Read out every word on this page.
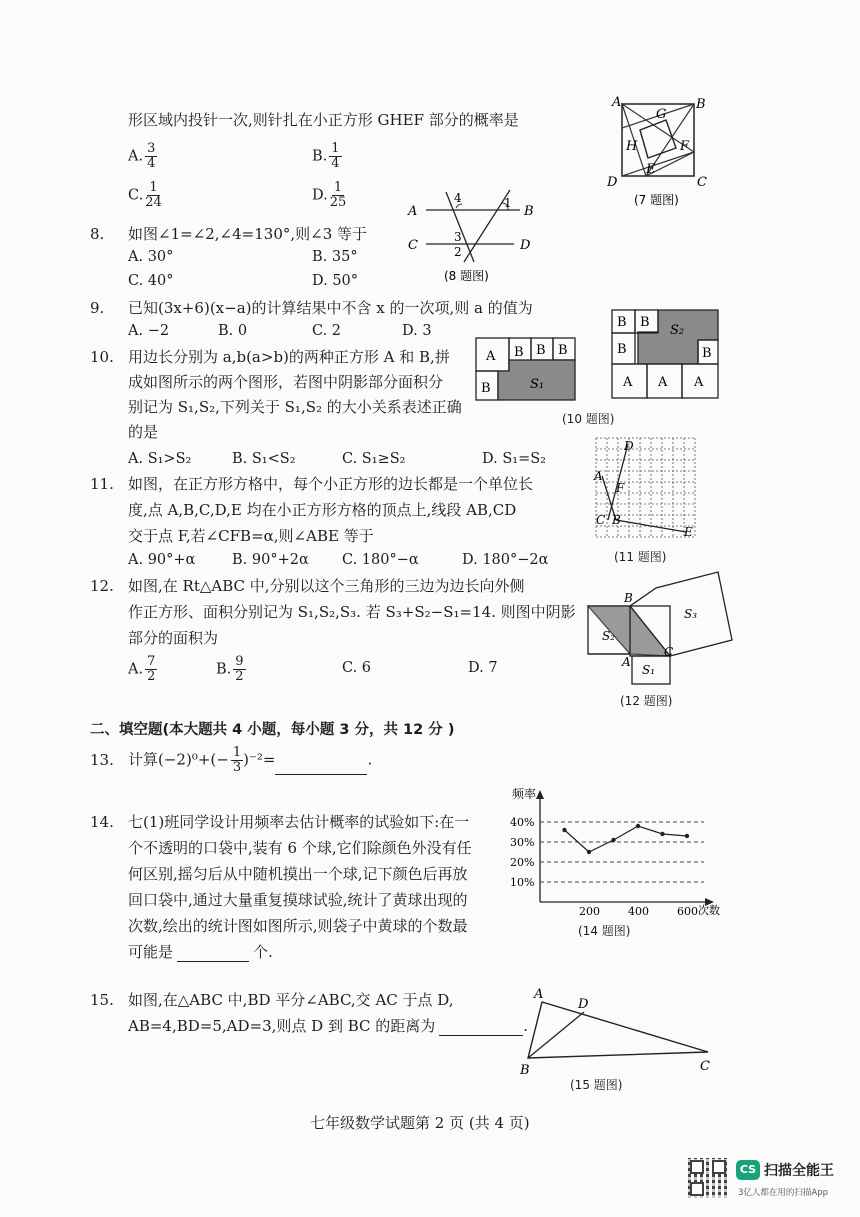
形区域内投针一次,则针扎在小正方形 GHEF 部分的概率是
A. $\frac{3}{4}$	B. $\frac{1}{4}$
C. $\frac{1}{24}$	D. $\frac{1}{25}$
A	B
C
D
E
F
G
H
(7 题图)
8. 如图∠1=∠2,∠4=130°,则∠3 等于
A. 30°	B. 35°
C. 40°	D. 50°
A	B
C	D
1
2
3
4
(8 题图)
9. 已知(3x+6)(x−a)的计算结果中不含 x 的一次项,则 a 的值为
A. −2	B. 0	C. 2	D. 3
10. 用边长分别为 a,b(a>b)的两种正方形 A 和 B,拼
成如图所示的两个图形，若图中阴影部分面积分
别记为 S₁,S₂,下列关于 S₁,S₂ 的大小关系表述正确
的是
A. S₁>S₂	B. S₁<S₂	C. S₁≥S₂	D. S₁=S₂
A B B B
B	S₁
B B
B	B
S₂
A A A
(10 题图)
11. 如图，在正方形方格中，每个小正方形的边长都是一个单位长
度,点 A,B,C,D,E 均在小正方形方格的顶点上,线段 AB,CD
交于点 F,若∠CFB=α,则∠ABE 等于
A. 90°+α	B. 90°+2α C. 180°−α	D. 180°−2α
D
A
F
C B
E
(11 题图)
12. 如图,在 Rt△ABC 中,分别以这个三角形的三边为边长向外侧
作正方形、面积分别记为 S₁,S₂,S₃. 若 S₃+S₂−S₁=14. 则图中阴影
部分的面积为
A. $\frac{7}{2}$	B. $\frac{9}{2}$	C. 6	D. 7
B
A
C
S₂
S₁
S₃
(12 题图)
二、填空题(本大题共 4 小题，每小题 3 分，共 12 分 )
13. 计算$(-2)^0+(- \frac{1}{3} )^{-2}=$	.
14. 七(1)班同学设计用频率去估计概率的试验如下:在一
个不透明的口袋中,装有 6 个球,它们除颜色外没有任
何区别,摇匀后从中随机摸出一个球,记下颜色后再放
回口袋中,通过大量重复摸球试验,统计了黄球出现的
次数,绘出的统计图如图所示,则袋子中黄球的个数最
可能是	个.
频率
次数
10%
20%
30%
40%
200	400	600
(14 题图)
15. 如图,在△ABC 中,BD 平分∠ABC,交 AC 于点 D,
AB=4,BD=5,AD=3,则点 D 到 BC 的距离为	.
A
D
B	C
(15 题图)
七年级数学试题第 2 页 (共 4 页)
CS 扫描全能王
3亿人都在用的扫描App
